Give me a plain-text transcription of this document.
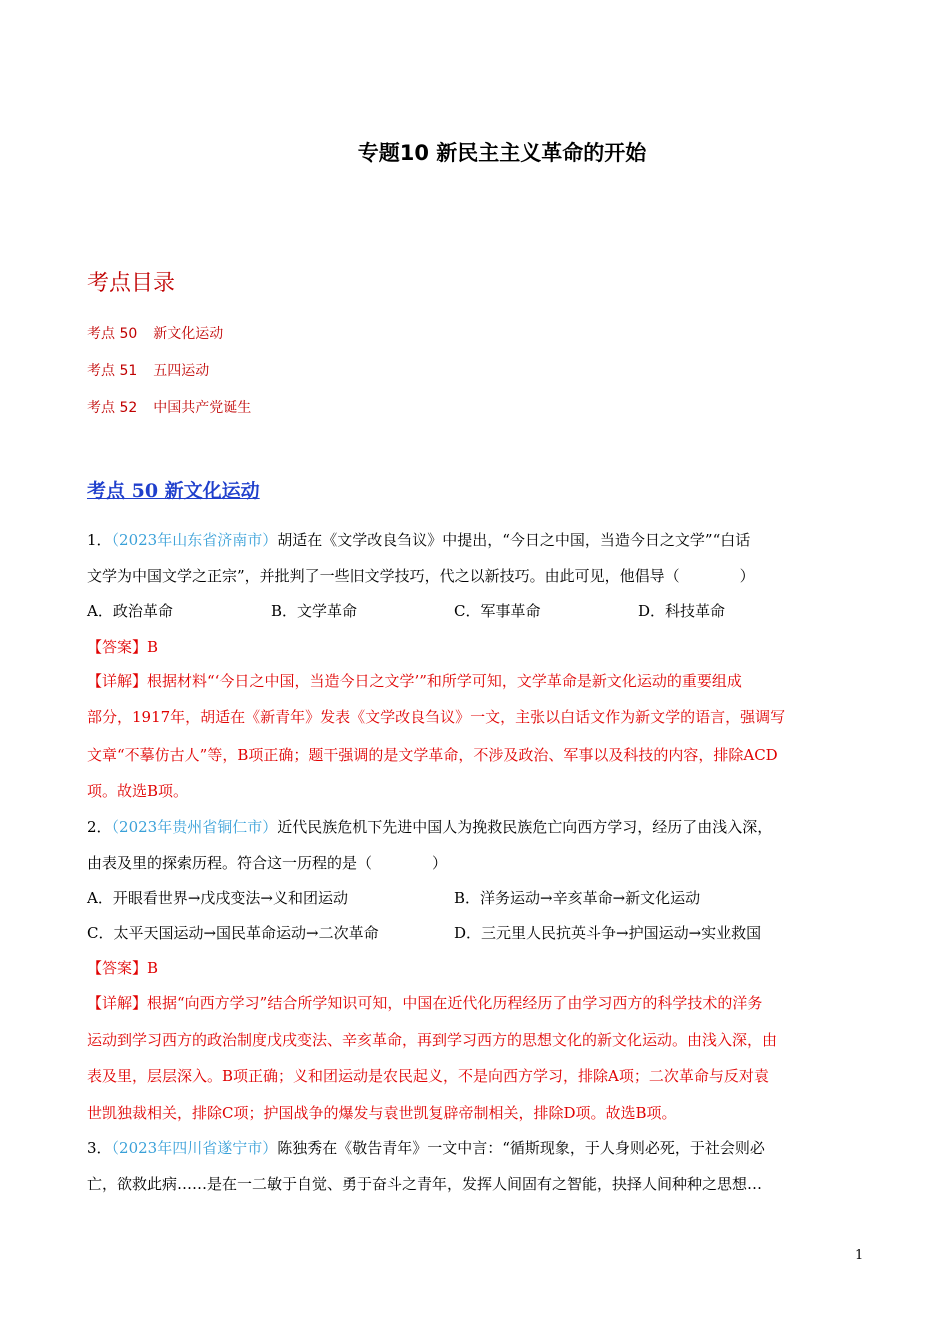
专题10 新民主主义革命的开始
考点目录
考点 50 新文化运动
考点 51 五四运动
考点 52 中国共产党诞生
考点 50 新文化运动
1．（2023年山东省济南市）胡适在《文学改良刍议》中提出，“今日之中国，当造今日之文学”“白话
文学为中国文学之正宗”，并批判了一些旧文学技巧，代之以新技巧。由此可见，他倡导（　　　　）
A．政治革命	B．文学革命	C．军事革命	D．科技革命
【答案】B
【详解】根据材料“‘今日之中国，当造今日之文学’”和所学可知，文学革命是新文化运动的重要组成
部分，1917年，胡适在《新青年》发表《文学改良刍议》一文，主张以白话文作为新文学的语言，强调写
文章“不摹仿古人”等，B项正确；题干强调的是文学革命，不涉及政治、军事以及科技的内容，排除ACD
项。故选B项。
2．（2023年贵州省铜仁市）近代民族危机下先进中国人为挽救民族危亡向西方学习，经历了由浅入深，
由表及里的探索历程。符合这一历程的是（　　　　）
A．开眼看世界→戊戌变法→义和团运动	B．洋务运动→辛亥革命→新文化运动
C．太平天国运动→国民革命运动→二次革命	D．三元里人民抗英斗争→护国运动→实业救国
【答案】B
【详解】根据“向西方学习”结合所学知识可知，中国在近代化历程经历了由学习西方的科学技术的洋务
运动到学习西方的政治制度戊戌变法、辛亥革命，再到学习西方的思想文化的新文化运动。由浅入深，由
表及里，层层深入。B项正确；义和团运动是农民起义，不是向西方学习，排除A项；二次革命与反对袁
世凯独裁相关，排除C项；护国战争的爆发与袁世凯复辟帝制相关，排除D项。故选B项。
3．（2023年四川省遂宁市）陈独秀在《敬告青年》一文中言：“循斯现象，于人身则必死，于社会则必
亡，欲救此病……是在一二敏于自觉、勇于奋斗之青年，发挥人间固有之智能，抉择人间种种之思想…
1
